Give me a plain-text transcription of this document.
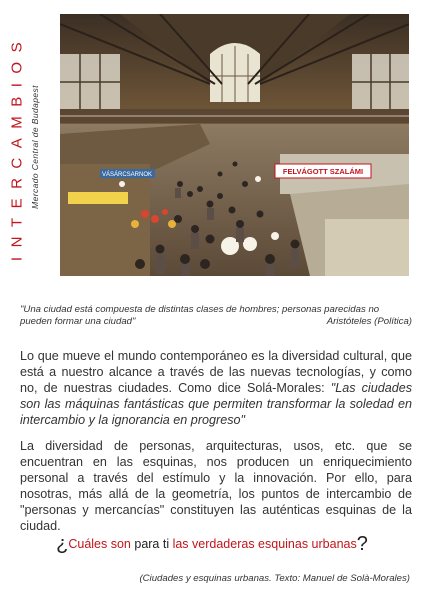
INTERCAMBIOS Mercado Central de Budapest	VÁSÁRCSARNOK	FELVÁGOTT SZALÁMI
"Una ciudad está compuesta de distintas clases de hombres; personas parecidas no
pueden formar una ciudad"	Aristóteles (Política)
Lo que mueve el mundo contemporáneo es la diversidad cultural, que está a nuestro alcance a través de las nuevas tecnologías, y como no, de nuestras ciudades. Como dice Solá-Morales: "Las ciudades son las máquinas fantásticas que permiten transformar la soledad en intercambio y la ignorancia en progreso"
La diversidad de personas, arquitecturas, usos, etc. que se encuentran en las esquinas, nos producen un enriquecimiento personal a través del estímulo y la innovación. Por ello, para nosotras, más allá de la geometría, los puntos de intercambio de "personas y mercancías" constituyen las auténticas esquinas de la ciudad.
¿Cuáles son para ti las verdaderas esquinas urbanas?
(Ciudades y esquinas urbanas. Texto: Manuel de Solà-Morales)
